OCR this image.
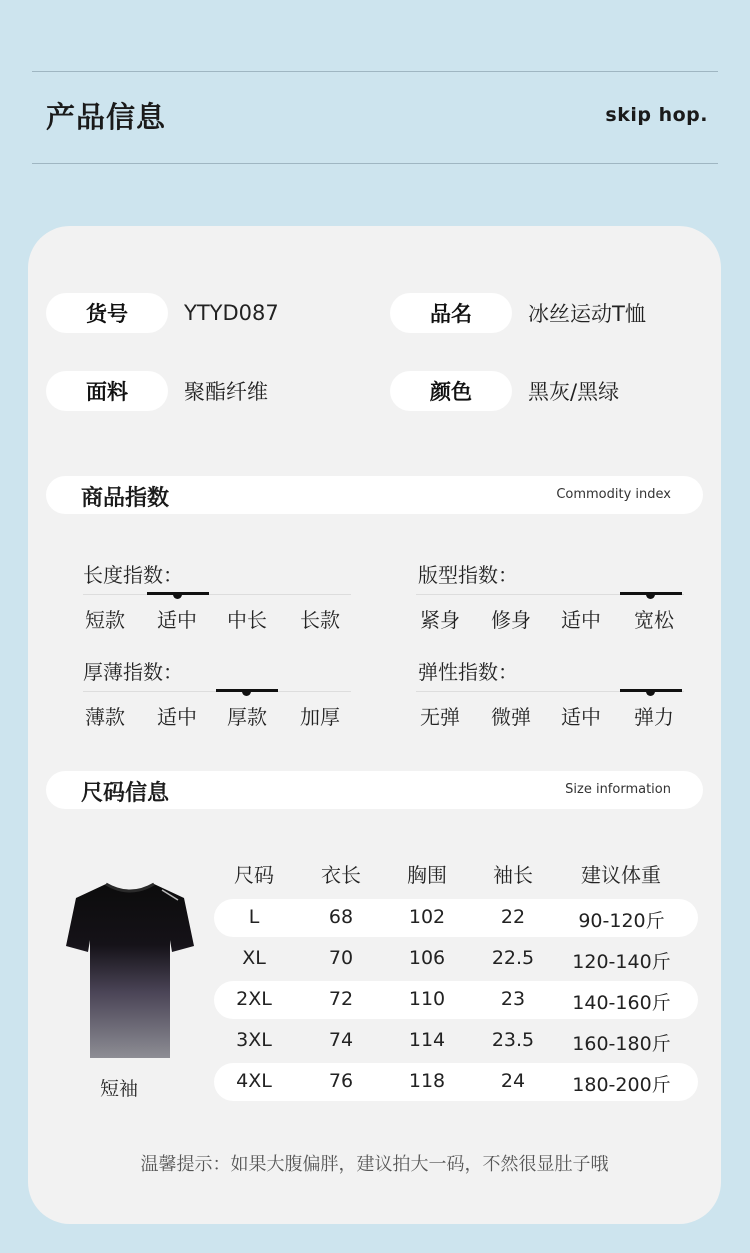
产品信息	skip hop.
货号	YTYD087	品名	冰丝运动T恤
面料	聚酯纤维	颜色	黑灰/黑绿
商品指数	Commodity index
长度指数：
短款	适中	中长	长款
版型指数：
紧身	修身	适中	宽松
厚薄指数：
薄款	适中	厚款	加厚
弹性指数：
无弹	微弹	适中	弹力
尺码信息	Size information
短袖
尺码	衣长	胸围	袖长	建议体重
L	68	102	22	90-120斤
XL	70	106	22.5	120-140斤
2XL	72	110	23	140-160斤
3XL	74	114	23.5	160-180斤
4XL	76	118	24	180-200斤
温馨提示：如果大腹偏胖，建议拍大一码，不然很显肚子哦
